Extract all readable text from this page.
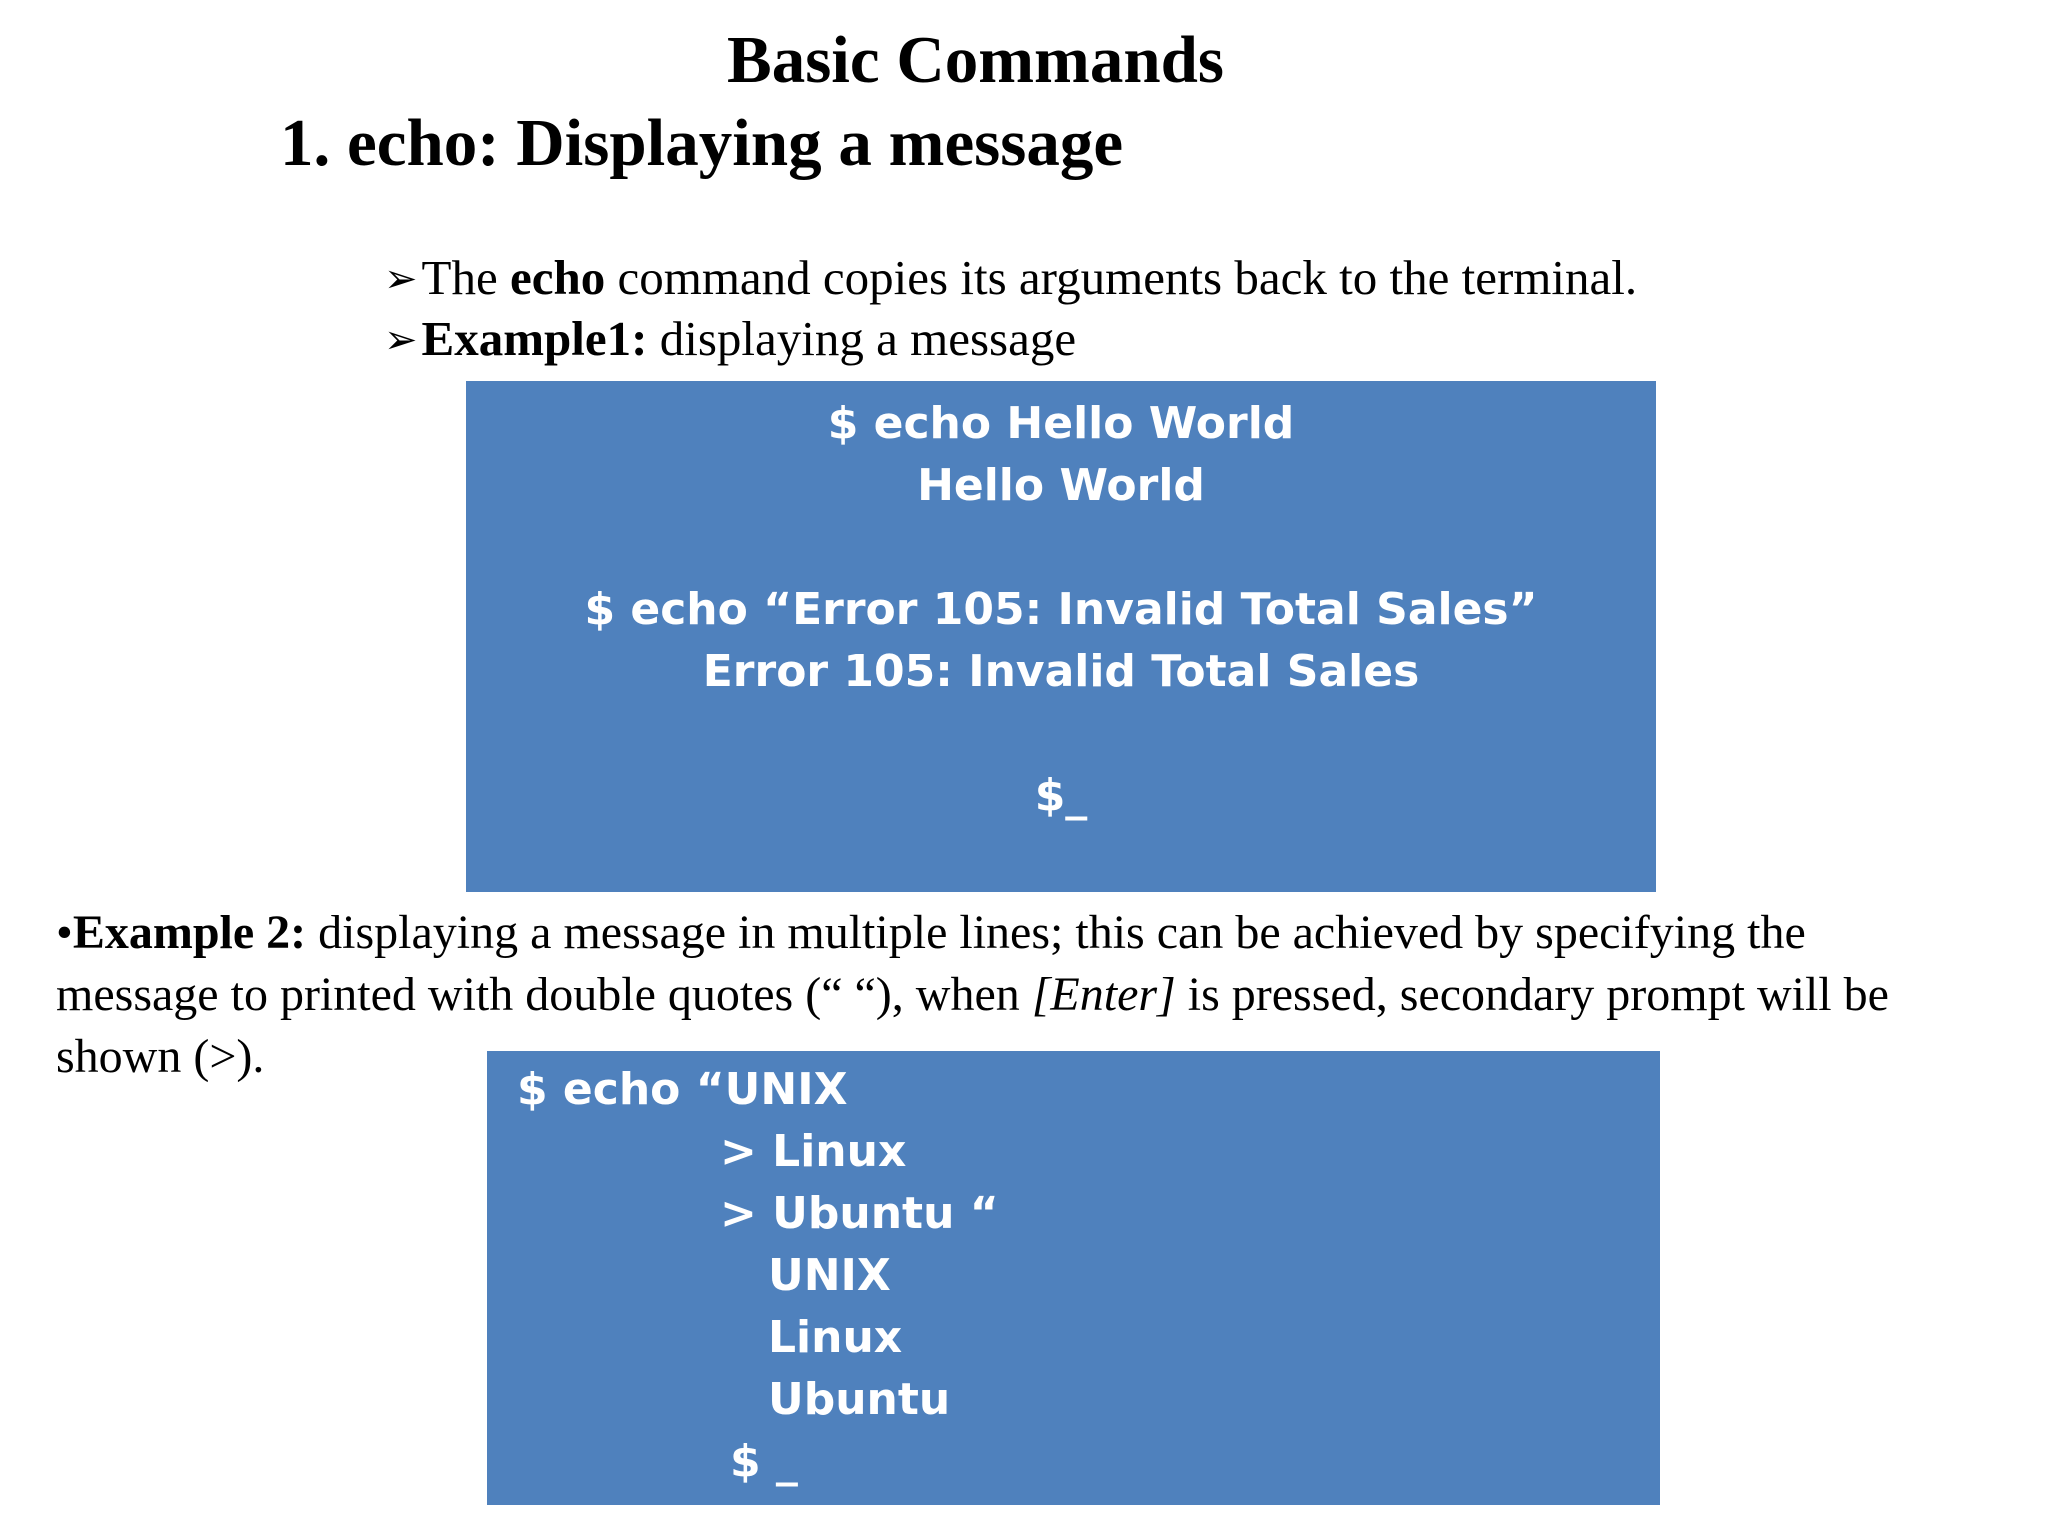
Basic Commands
1. echo: Displaying a message
➢The echo command copies its arguments back to the terminal.
➢Example1: displaying a message
$ echo Hello World
Hello World
$ echo “Error 105: Invalid Total Sales”
Error 105: Invalid Total Sales
$_

•Example 2: displaying a message in multiple lines; this can be achieved by specifying the message to printed with double quotes (“ “), when [Enter] is pressed, secondary prompt will be shown (>).

$ echo “UNIX
> Linux
> Ubuntu “
UNIX
Linux
Ubuntu
$ _
